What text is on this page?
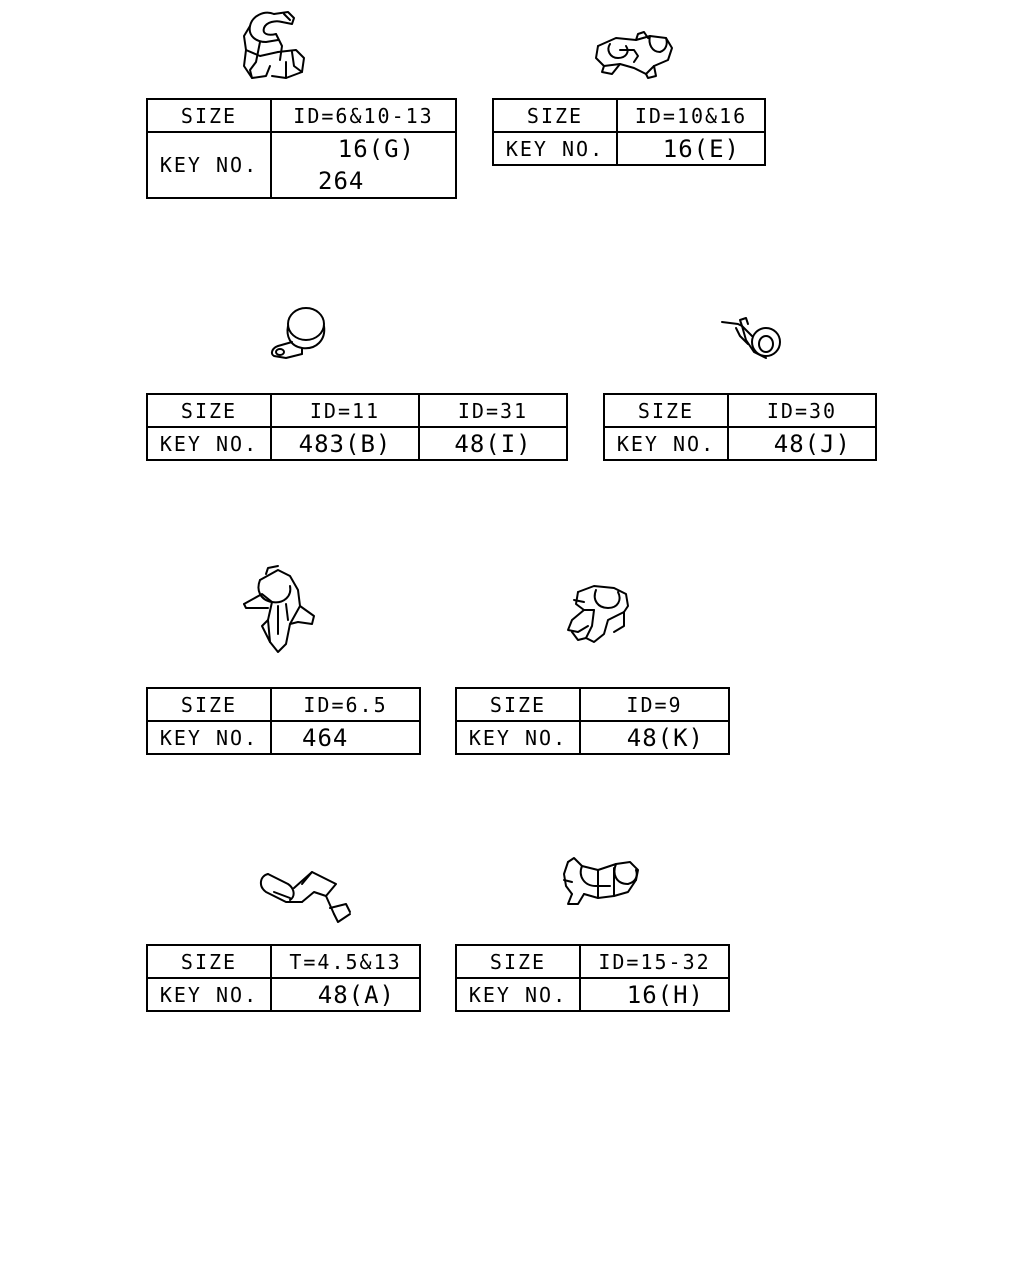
SIZE	ID=6&10-13
KEY NO.	16(G)
264
SIZE	ID=10&16
KEY NO.	16(E)
SIZE	ID=11	ID=31
KEY NO.	483(B)	48(I)
SIZE	ID=30
KEY NO.	48(J)
SIZE	ID=6.5
KEY NO.	464
SIZE	ID=9
KEY NO.	48(K)
SIZE	T=4.5&13
KEY NO.	48(A)
SIZE	ID=15-32
KEY NO.	16(H)
